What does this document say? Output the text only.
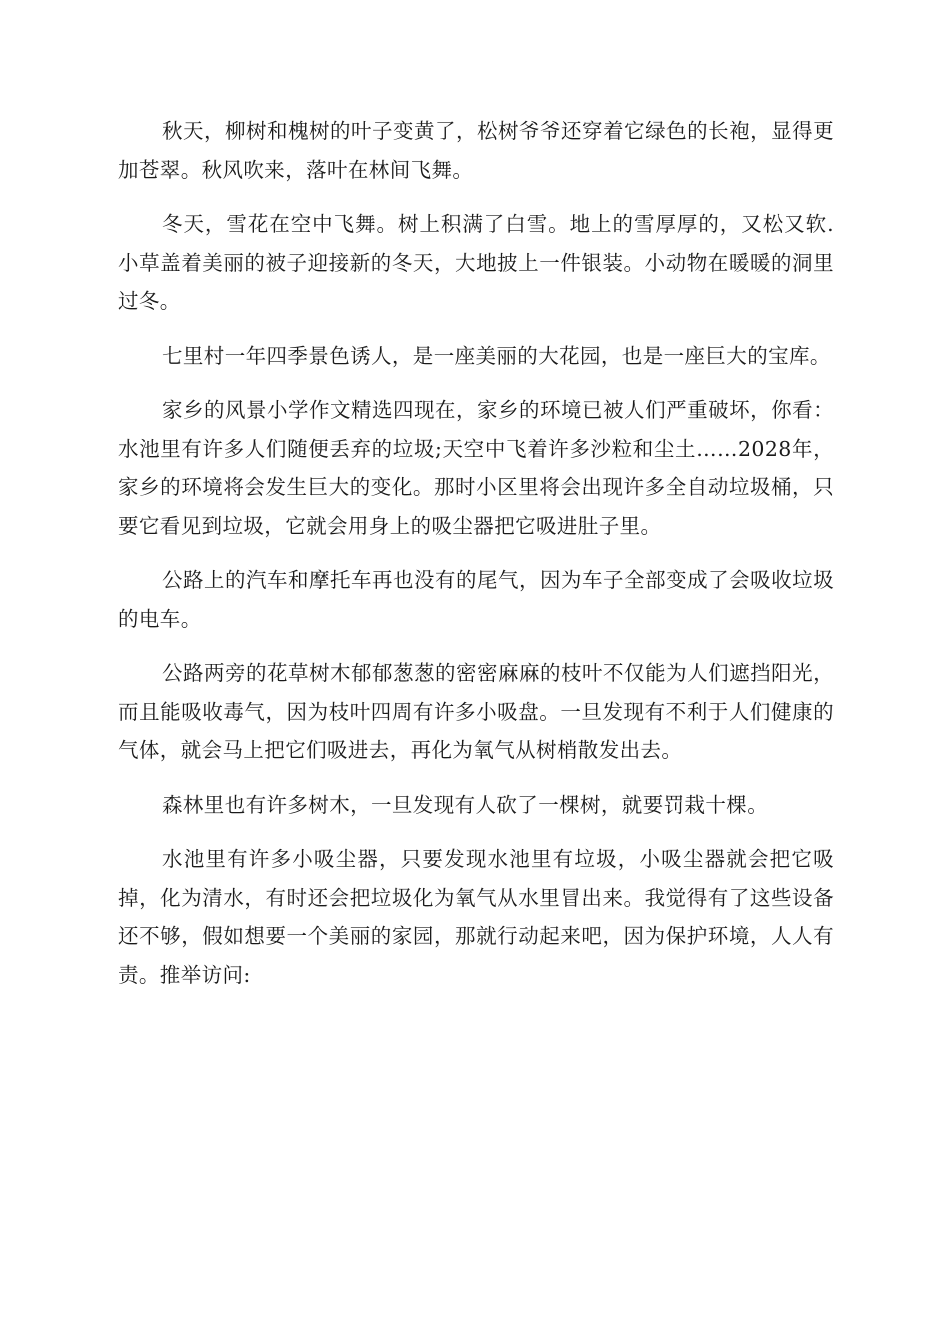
秋天，柳树和槐树的叶子变黄了，松树爷爷还穿着它绿色的长袍，显得更加苍翠。秋风吹来，落叶在林间飞舞。

冬天，雪花在空中飞舞。树上积满了白雪。地上的雪厚厚的，又松又软.小草盖着美丽的被子迎接新的冬天，大地披上一件银装。小动物在暖暖的洞里过冬。

七里村一年四季景色诱人，是一座美丽的大花园，也是一座巨大的宝库。

家乡的风景小学作文精选四现在，家乡的环境已被人们严重破坏，你看：水池里有许多人们随便丢弃的垃圾;天空中飞着许多沙粒和尘土……2028年，家乡的环境将会发生巨大的变化。那时小区里将会出现许多全自动垃圾桶，只要它看见到垃圾，它就会用身上的吸尘器把它吸进肚子里。

公路上的汽车和摩托车再也没有的尾气，因为车子全部变成了会吸收垃圾的电车。

公路两旁的花草树木郁郁葱葱的密密麻麻的枝叶不仅能为人们遮挡阳光，而且能吸收毒气，因为枝叶四周有许多小吸盘。一旦发现有不利于人们健康的气体，就会马上把它们吸进去，再化为氧气从树梢散发出去。

森林里也有许多树木，一旦发现有人砍了一棵树，就要罚栽十棵。

水池里有许多小吸尘器，只要发现水池里有垃圾，小吸尘器就会把它吸掉，化为清水，有时还会把垃圾化为氧气从水里冒出来。我觉得有了这些设备还不够，假如想要一个美丽的家园，那就行动起来吧，因为保护环境，人人有责。推举访问:
